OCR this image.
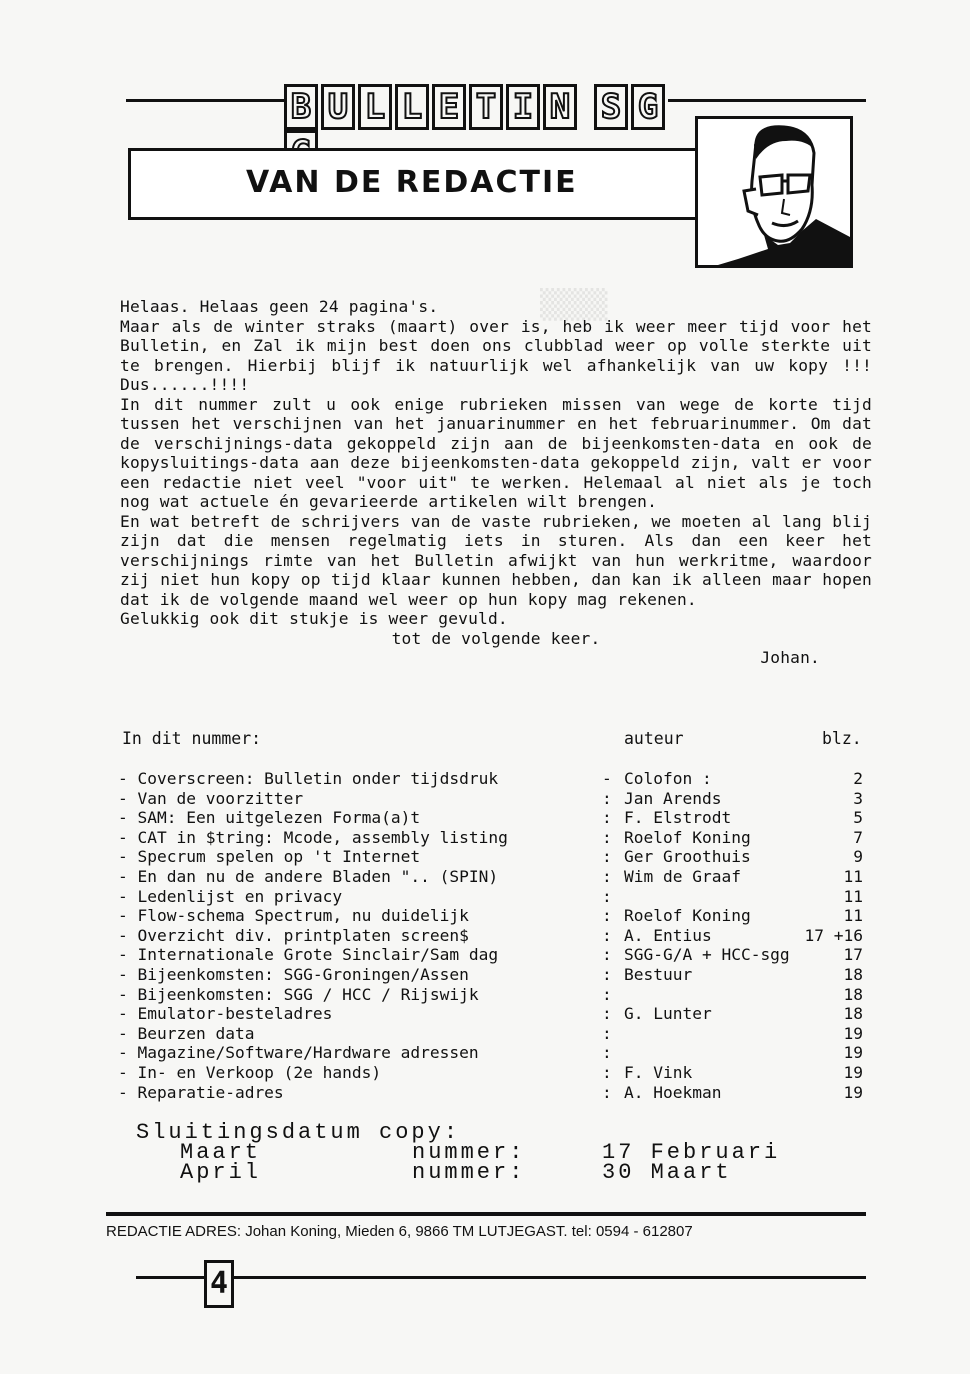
B U L L E T I N S G
VAN DE REDACTIE
▒▒▒▒

Helaas. Helaas geen 24 pagina's.

Maar als de winter straks (maart) over is, heb ik weer meer tijd voor het Bulletin, en Zal ik mijn best doen ons clubblad weer op volle sterkte uit te brengen. Hierbij blijf ik natuurlijk wel afhankelijk van uw kopy !!! Dus......!!!!

In dit nummer zult u ook enige rubrieken missen van wege de korte tijd tussen het verschijnen van het januarinummer en het februarinummer. Om dat de verschijnings-data gekoppeld zijn aan de bijeenkomsten-data en ook de kopysluitings-data aan deze bijeenkomsten-data gekoppeld zijn, valt er voor een redactie niet veel "voor uit" te werken. Helemaal al niet als je toch nog wat actuele én gevarieerde artikelen wilt brengen.

En wat betreft de schrijvers van de vaste rubrieken, we moeten al lang blij zijn dat die mensen regelmatig iets in sturen. Als dan een keer het verschijnings rimte van het Bulletin afwijkt van hun werkritme, waardoor zij niet hun kopy op tijd klaar kunnen hebben, dan kan ik alleen maar hopen dat ik de volgende maand wel weer op hun kopy mag rekenen.

Gelukkig ook dit stukje is weer gevuld.

tot de volgende keer.

Johan.

In dit nummer:	auteur	blz.
- Coverscreen: Bulletin onder tijdsdruk	- Colofon :	2
- Van de voorzitter	: Jan Arends	3
- SAM: Een uitgelezen Forma(a)t	: F. Elstrodt	5
- CAT in $tring: Mcode, assembly listing	: Roelof Koning	7
- Specrum spelen op 't Internet	: Ger Groothuis	9
- En dan nu de andere Bladen ".. (SPIN)	: Wim de Graaf	11
- Ledenlijst en privacy	:	11
- Flow-schema Spectrum, nu duidelijk	: Roelof Koning	11
- Overzicht div. printplaten screen$	: A. Entius	17 +16
- Internationale Grote Sinclair/Sam dag	: SGG-G/A + HCC-sgg	17
- Bijeenkomsten: SGG-Groningen/Assen	: Bestuur	18
- Bijeenkomsten: SGG / HCC / Rijswijk	:	18
- Emulator-besteladres	: G. Lunter	18
- Beurzen data	:	19
- Magazine/Software/Hardware adressen	:	19
- In- en Verkoop (2e hands)	: F. Vink	19
- Reparatie-adres	: A. Hoekman	19
Sluitingsdatum copy:
Maart	nummer:	17 Februari
April	nummer:	30 Maart
REDACTIE ADRES: Johan Koning, Mieden 6, 9866 TM LUTJEGAST. tel: 0594 - 612807
4
